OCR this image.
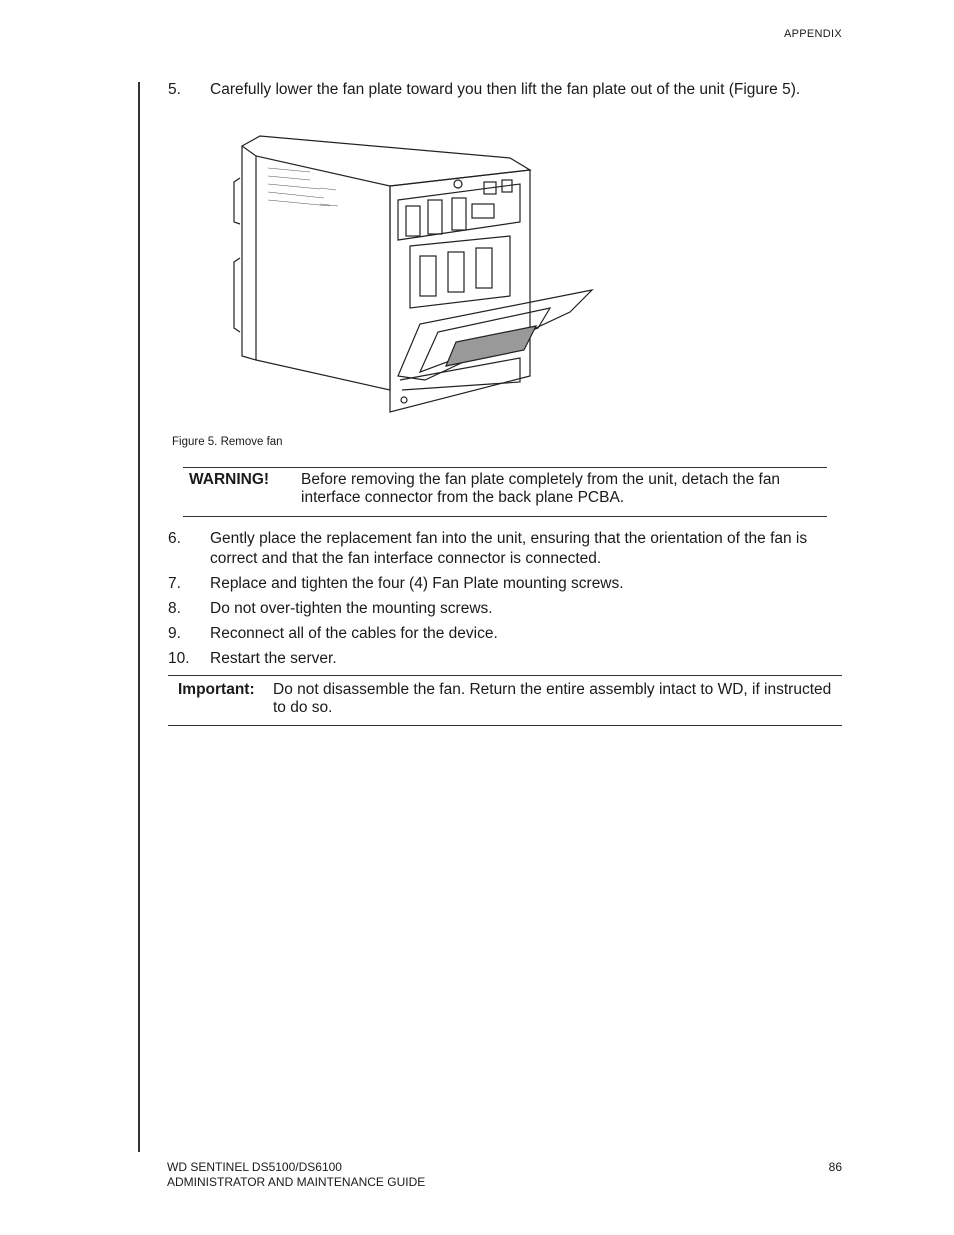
APPENDIX
5. Carefully lower the fan plate toward you then lift the fan plate out of the unit (Figure 5).
Figure 5. Remove fan
WARNING! Before removing the fan plate completely from the unit, detach the fan interface connector from the back plane PCBA.
6. Gently place the replacement fan into the unit, ensuring that the orientation of the fan is correct and that the fan interface connector is connected.
7. Replace and tighten the four (4) Fan Plate mounting screws.
8. Do not over-tighten the mounting screws.
9. Reconnect all of the cables for the device.
10. Restart the server.
Important: Do not disassemble the fan. Return the entire assembly intact to WD, if instructed to do so.
WD SENTINEL DS5100/DS6100
ADMINISTRATOR AND MAINTENANCE GUIDE
86
